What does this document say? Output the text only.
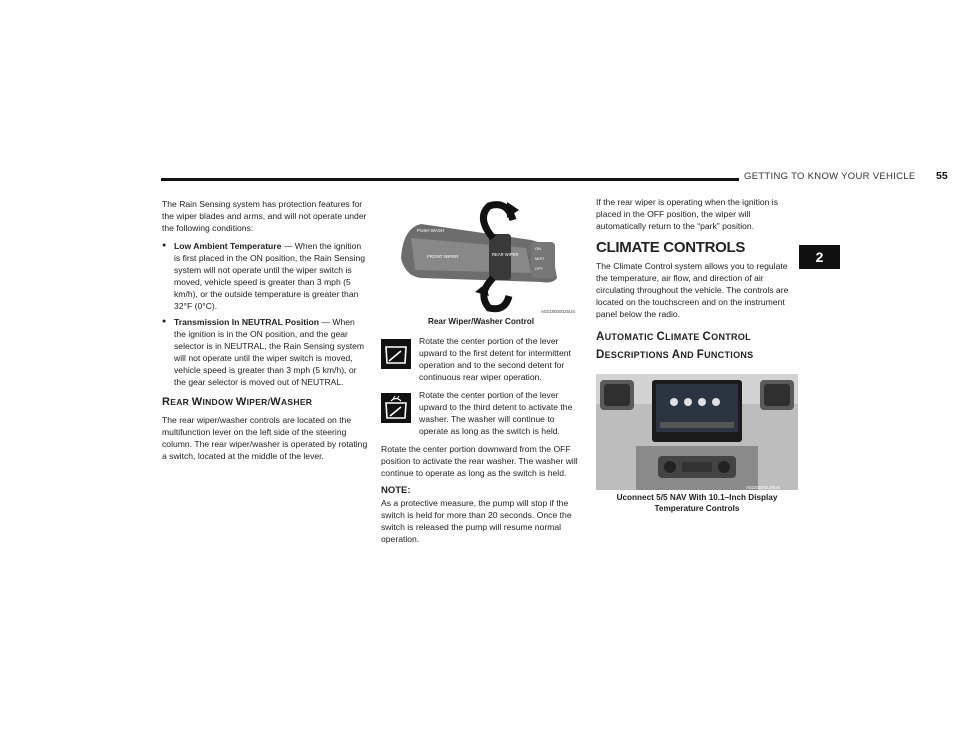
GETTING TO KNOW YOUR VEHICLE 55
2

The Rain Sensing system has protection features for the wiper blades and arms, and will not operate under the following conditions:

● Low Ambient Temperature — When the ignition is first placed in the ON position, the Rain Sensing system will not operate until the wiper switch is moved, vehicle speed is greater than 3 mph (5 km/h), or the outside temperature is greater than 32°F (0°C).
● Transmission In NEUTRAL Position — When the ignition is in the ON position, and the gear selector is in NEUTRAL, the Rain Sensing system will not operate until the wiper switch is moved, vehicle speed is greater than 3 mph (5 km/h), or the gear selector is moved out of NEUTRAL.
REAR WINDOW WIPER/WASHER

The rear wiper/washer controls are located on the multifunction lever on the left side of the steering column. The rear wiper/washer is operated by rotating a switch, located at the middle of the lever.

PUSH WASH
FRONT WIPER	REAR WIPER
ON
MIST
OFF
A0218000025US
Rear Wiper/Washer Control
Rotate the center portion of the lever upward to the first detent for intermittent operation and to the second detent for continuous rear wiper operation.
Rotate the center portion of the lever upward to the third detent to activate the washer. The washer will continue to operate as long as the switch is held.

Rotate the center portion downward from the OFF position to activate the rear washer. The washer will continue to operate as long as the switch is held.

NOTE:

As a protective measure, the pump will stop if the switch is held for more than 20 seconds. Once the switch is released the pump will resume normal operation.

If the rear wiper is operating when the ignition is placed in the OFF position, the wiper will automatically return to the “park” position.

CLIMATE CONTROLS

The Climate Control system allows you to regulate the temperature, air flow, and direction of air circulating throughout the vehicle. The controls are located on the touchscreen and on the instrument panel below the radio.

AUTOMATIC CLIMATE CONTROL
DESCRIPTIONS AND FUNCTIONS
A0220000129US
Uconnect 5/5 NAV With 10.1–Inch Display Temperature Controls
